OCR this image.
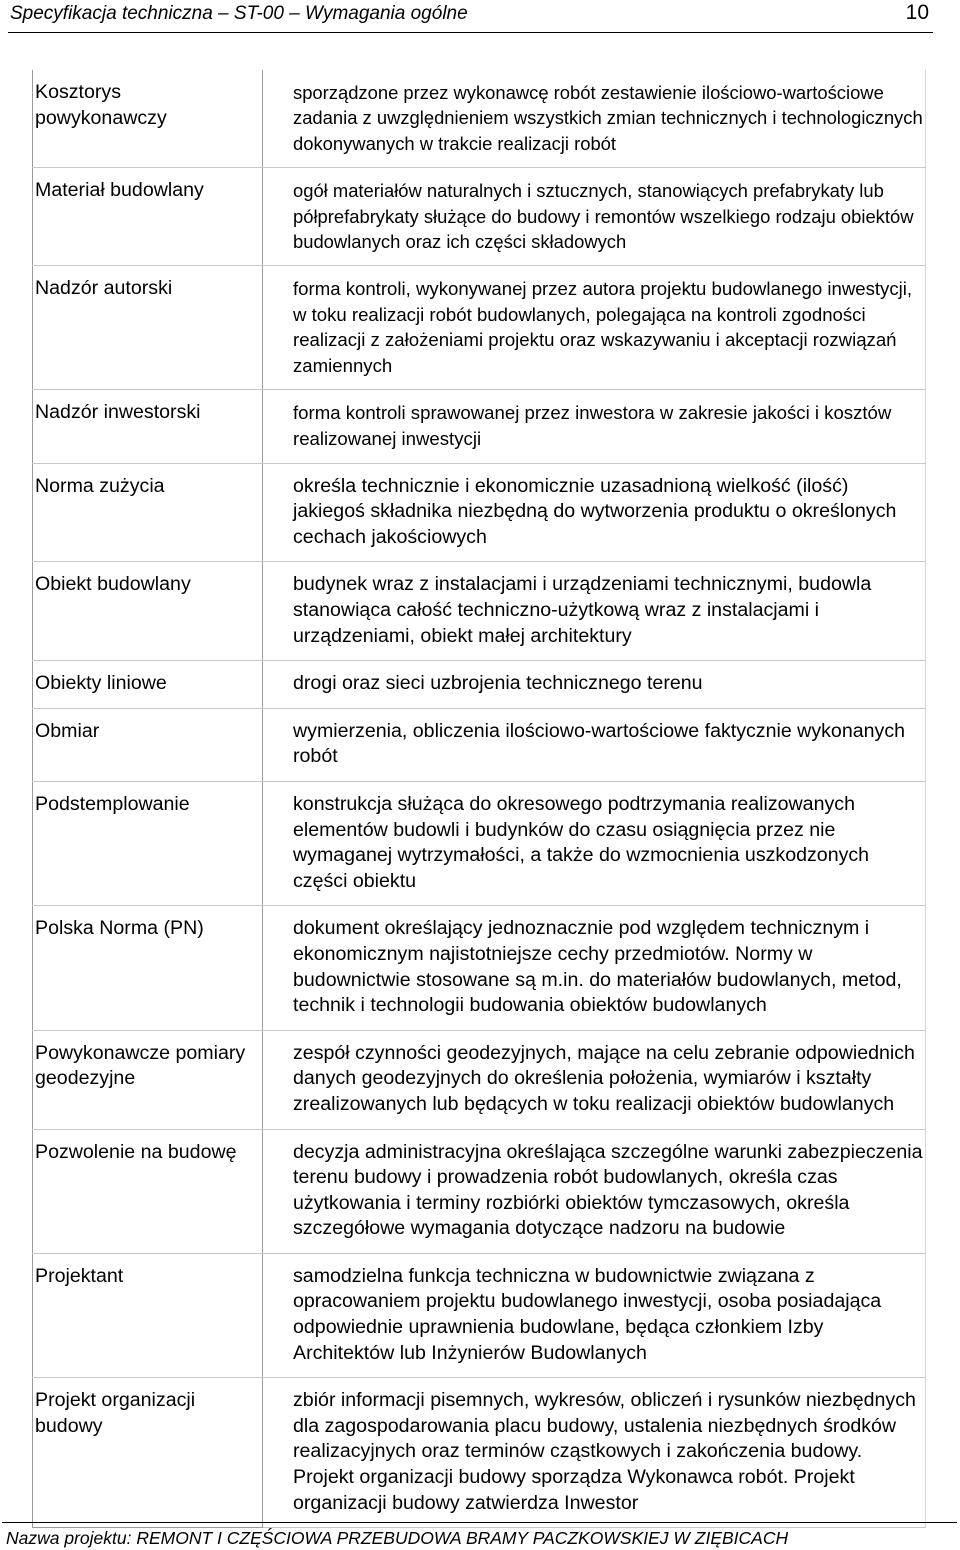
Specyfikacja techniczna – ST-00 – Wymagania ogólne	10
Kosztorys powykonawczy	sporządzone przez wykonawcę robót zestawienie ilościowo-wartościowe zadania z uwzględnieniem wszystkich zmian technicznych i technologicznych dokonywanych w trakcie realizacji robót
Materiał budowlany	ogół materiałów naturalnych i sztucznych, stanowiących prefabrykaty lub półprefabrykaty służące do budowy i remontów wszelkiego rodzaju obiektów budowlanych oraz ich części składowych
Nadzór autorski	forma kontroli, wykonywanej przez autora projektu budowlanego inwestycji, w toku realizacji robót budowlanych, polegająca na kontroli zgodności realizacji z założeniami projektu oraz wskazywaniu i akceptacji rozwiązań zamiennych
Nadzór inwestorski	forma kontroli sprawowanej przez inwestora w zakresie jakości i kosztów realizowanej inwestycji
Norma zużycia	określa technicznie i ekonomicznie uzasadnioną wielkość (ilość) jakiegoś składnika niezbędną do wytworzenia produktu o określonych cechach jakościowych
Obiekt budowlany	budynek wraz z instalacjami i urządzeniami technicznymi, budowla stanowiąca całość techniczno-użytkową wraz z instalacjami i urządzeniami, obiekt małej architektury
Obiekty liniowe	drogi oraz sieci uzbrojenia technicznego terenu
Obmiar	wymierzenia, obliczenia ilościowo-wartościowe faktycznie wykonanych robót
Podstemplowanie	konstrukcja służąca do okresowego podtrzymania realizowanych elementów budowli i budynków do czasu osiągnięcia przez nie wymaganej wytrzymałości, a także do wzmocnienia uszkodzonych części obiektu
Polska Norma (PN)	dokument określający jednoznacznie pod względem technicznym i ekonomicznym najistotniejsze cechy przedmiotów. Normy w budownictwie stosowane są m.in. do materiałów budowlanych, metod, technik i technologii budowania obiektów budowlanych
Powykonawcze pomiary geodezyjne	zespół czynności geodezyjnych, mające na celu zebranie odpowiednich danych geodezyjnych do określenia położenia, wymiarów i kształty zrealizowanych lub będących w toku realizacji obiektów budowlanych
Pozwolenie na budowę	decyzja administracyjna określająca szczególne warunki zabezpieczenia terenu budowy i prowadzenia robót budowlanych, określa czas użytkowania i terminy rozbiórki obiektów tymczasowych, określa szczegółowe wymagania dotyczące nadzoru na budowie
Projektant	samodzielna funkcja techniczna w budownictwie związana z opracowaniem projektu budowlanego inwestycji, osoba posiadająca odpowiednie uprawnienia budowlane, będąca członkiem Izby Architektów lub Inżynierów Budowlanych
Projekt organizacji budowy	zbiór informacji pisemnych, wykresów, obliczeń i rysunków niezbędnych dla zagospodarowania placu budowy, ustalenia niezbędnych środków realizacyjnych oraz terminów cząstkowych i zakończenia budowy. Projekt organizacji budowy sporządza Wykonawca robót. Projekt organizacji budowy zatwierdza Inwestor
Nazwa projektu: REMONT I CZĘŚCIOWA PRZEBUDOWA BRAMY PACZKOWSKIEJ W ZIĘBICACH
